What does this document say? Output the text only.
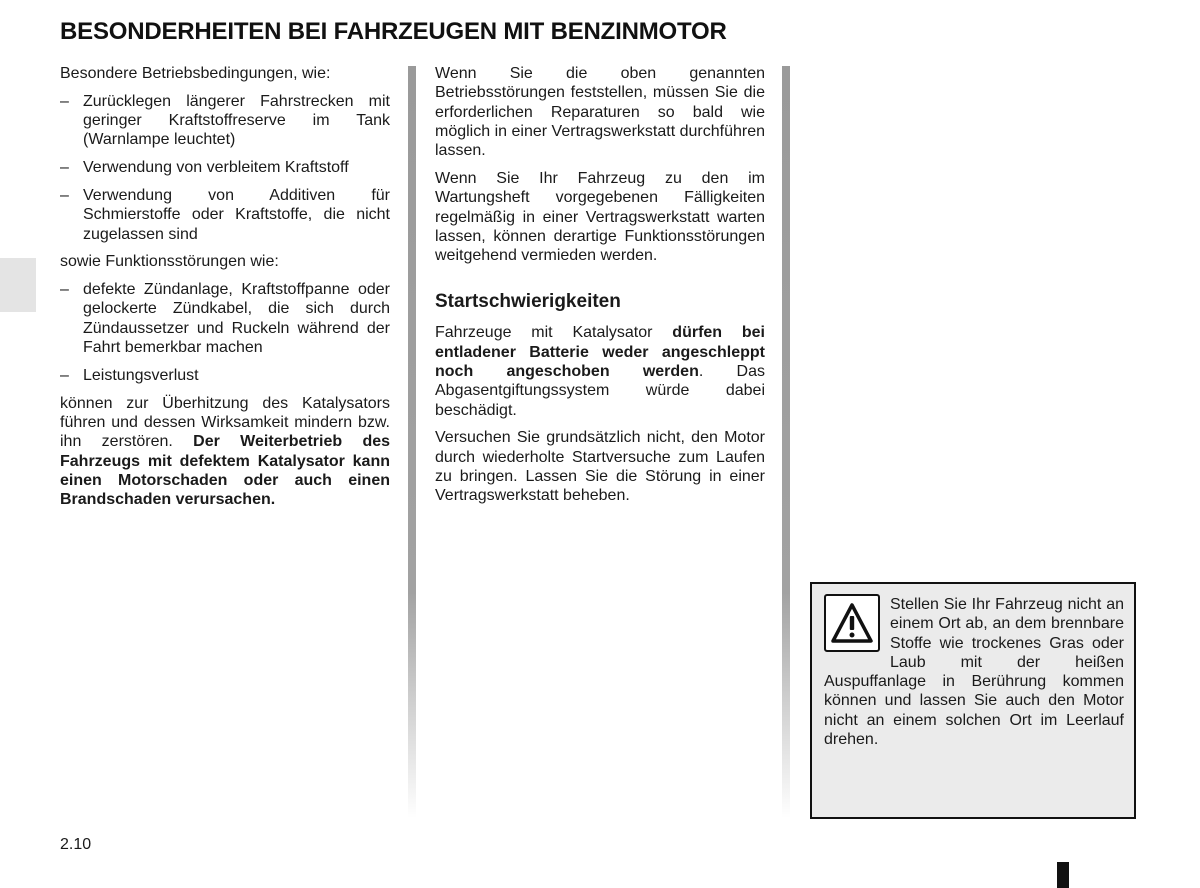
BESONDERHEITEN BEI FAHRZEUGEN MIT BENZINMOTOR

Besondere Betriebsbedingungen, wie:

– Zurücklegen längerer Fahrstrecken mit geringer Kraftstoffreserve im Tank (Warnlampe leuchtet)
– Verwendung von verbleitem Kraftstoff
– Verwendung von Additiven für Schmierstoffe oder Kraftstoffe, die nicht zugelassen sind

sowie Funktionsstörungen wie:

– defekte Zündanlage, Kraftstoffpanne oder gelockerte Zündkabel, die sich durch Zündaussetzer und Ruckeln während der Fahrt bemerkbar machen
– Leistungsverlust

können zur Überhitzung des Katalysators führen und dessen Wirksamkeit mindern bzw. ihn zerstören. Der Weiterbetrieb des Fahrzeugs mit defektem Katalysator kann einen Motorschaden oder auch einen Brandschaden verursachen.

Wenn Sie die oben genannten Betriebsstörungen feststellen, müssen Sie die erforderlichen Reparaturen so bald wie möglich in einer Vertragswerkstatt durchführen lassen.

Wenn Sie Ihr Fahrzeug zu den im Wartungsheft vorgegebenen Fälligkeiten regelmäßig in einer Vertragswerkstatt warten lassen, können derartige Funktionsstörungen weitgehend vermieden werden.

Startschwierigkeiten

Fahrzeuge mit Katalysator dürfen bei entladener Batterie weder angeschleppt noch angeschoben werden. Das Abgasentgiftungssystem würde dabei beschädigt.

Versuchen Sie grundsätzlich nicht, den Motor durch wiederholte Startversuche zum Laufen zu bringen. Lassen Sie die Störung in einer Vertragswerkstatt beheben.

Stellen Sie Ihr Fahrzeug nicht an einem Ort ab, an dem brennbare Stoffe wie trockenes Gras oder Laub mit der heißen Auspuffanlage in Berührung kommen können und lassen Sie auch den Motor nicht an einem solchen Ort im Leerlauf drehen.
2.10
